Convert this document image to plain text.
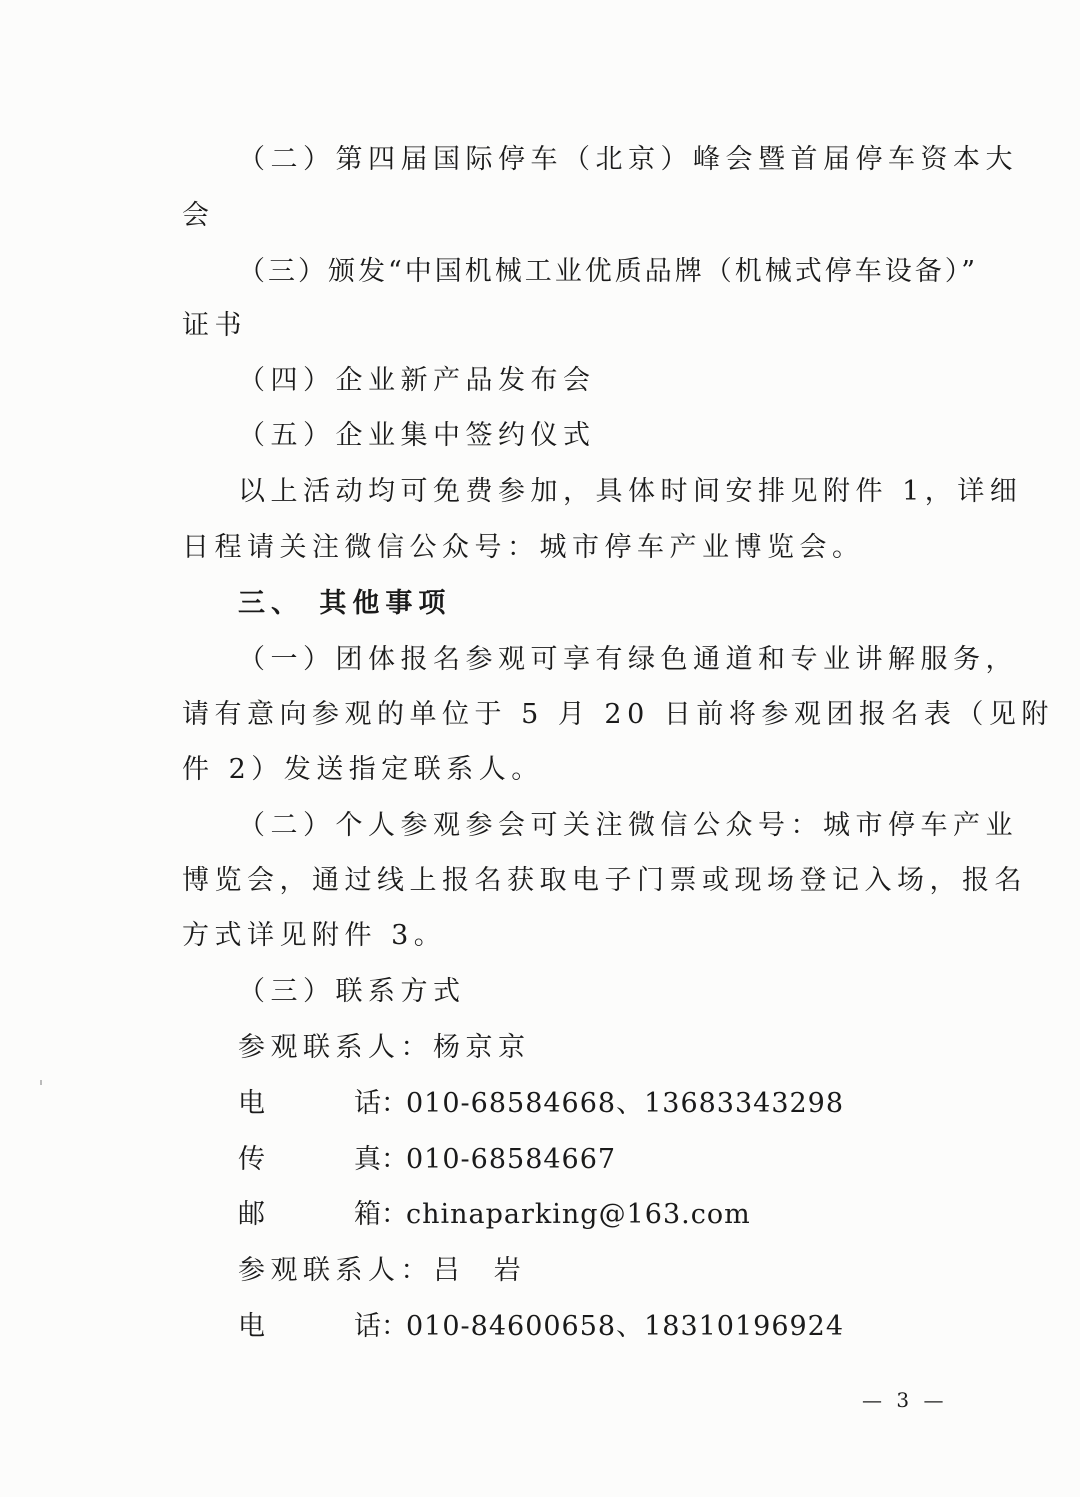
（二）第四届国际停车（北京）峰会暨首届停车资本大
会
（三）颁发“中国机械工业优质品牌（机械式停车设备）”
证书
（四）企业新产品发布会
（五）企业集中签约仪式
以上活动均可免费参加，具体时间安排见附件 1，详细
日程请关注微信公众号：城市停车产业博览会。
三、 其他事项
（一）团体报名参观可享有绿色通道和专业讲解服务，
请有意向参观的单位于 5 月 20 日前将参观团报名表（见附
件 2）发送指定联系人。
（二）个人参观参会可关注微信公众号：城市停车产业
博览会，通过线上报名获取电子门票或现场登记入场，报名
方式详见附件 3。
（三）联系方式
参观联系人：杨京京
电	话：
010-68584668、13683343298
传	真：
010-68584667
邮	箱：
chinaparking@163.com
参观联系人：吕  岩
电	话：
010-84600658、18310196924
— 3 —
